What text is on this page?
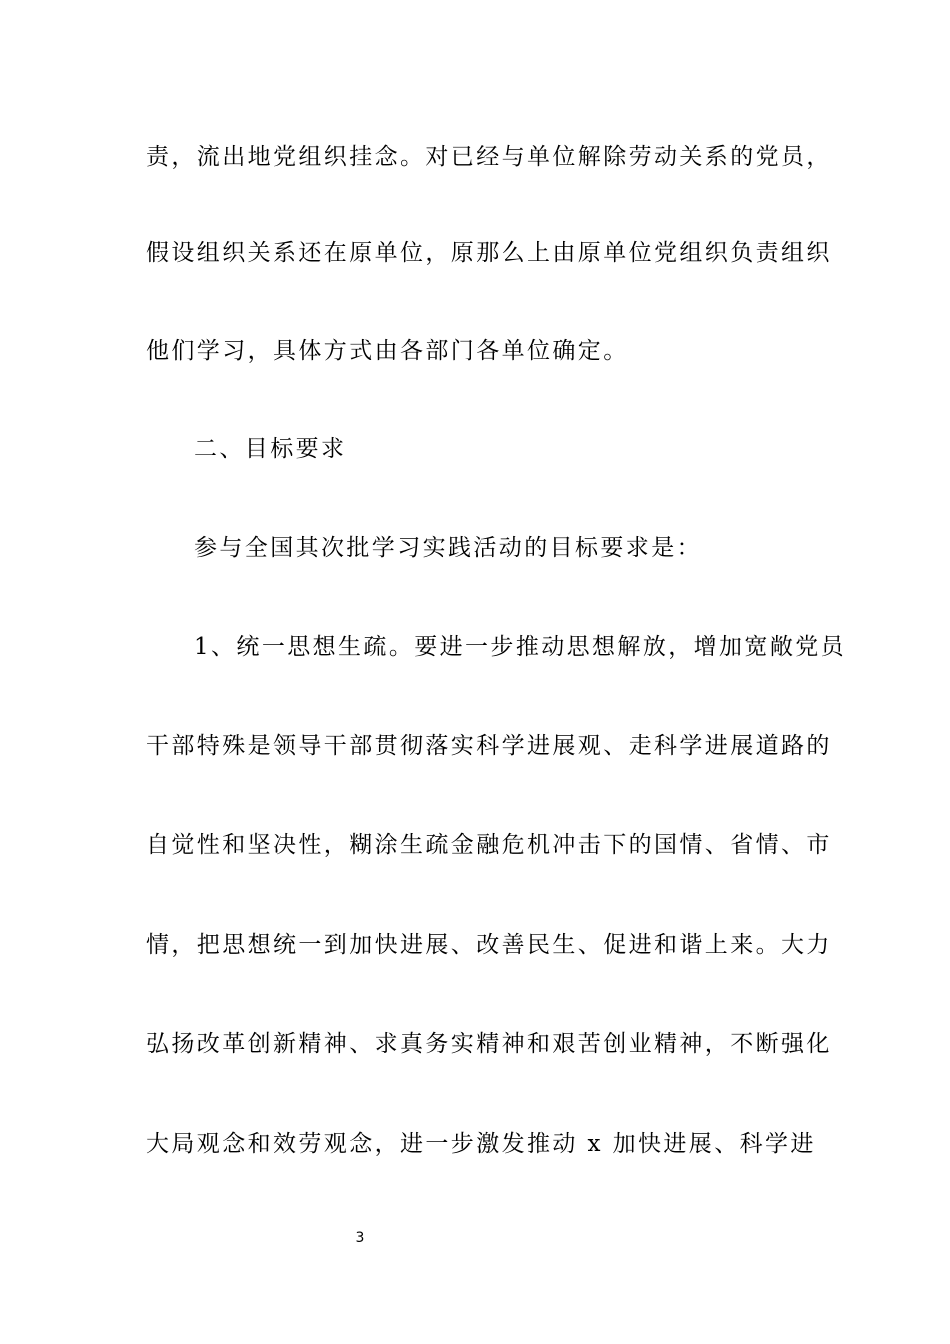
责，流出地党组织挂念。对已经与单位解除劳动关系的党员，
假设组织关系还在原单位，原那么上由原单位党组织负责组织
他们学习，具体方式由各部门各单位确定。
二、目标要求
参与全国其次批学习实践活动的目标要求是：
1、统一思想生疏。要进一步推动思想解放，增加宽敞党员
干部特殊是领导干部贯彻落实科学进展观、走科学进展道路的
自觉性和坚决性，糊涂生疏金融危机冲击下的国情、省情、市
情，把思想统一到加快进展、改善民生、促进和谐上来。大力
弘扬改革创新精神、求真务实精神和艰苦创业精神，不断强化
大局观念和效劳观念，进一步激发推动 x 加快进展、科学进
3
